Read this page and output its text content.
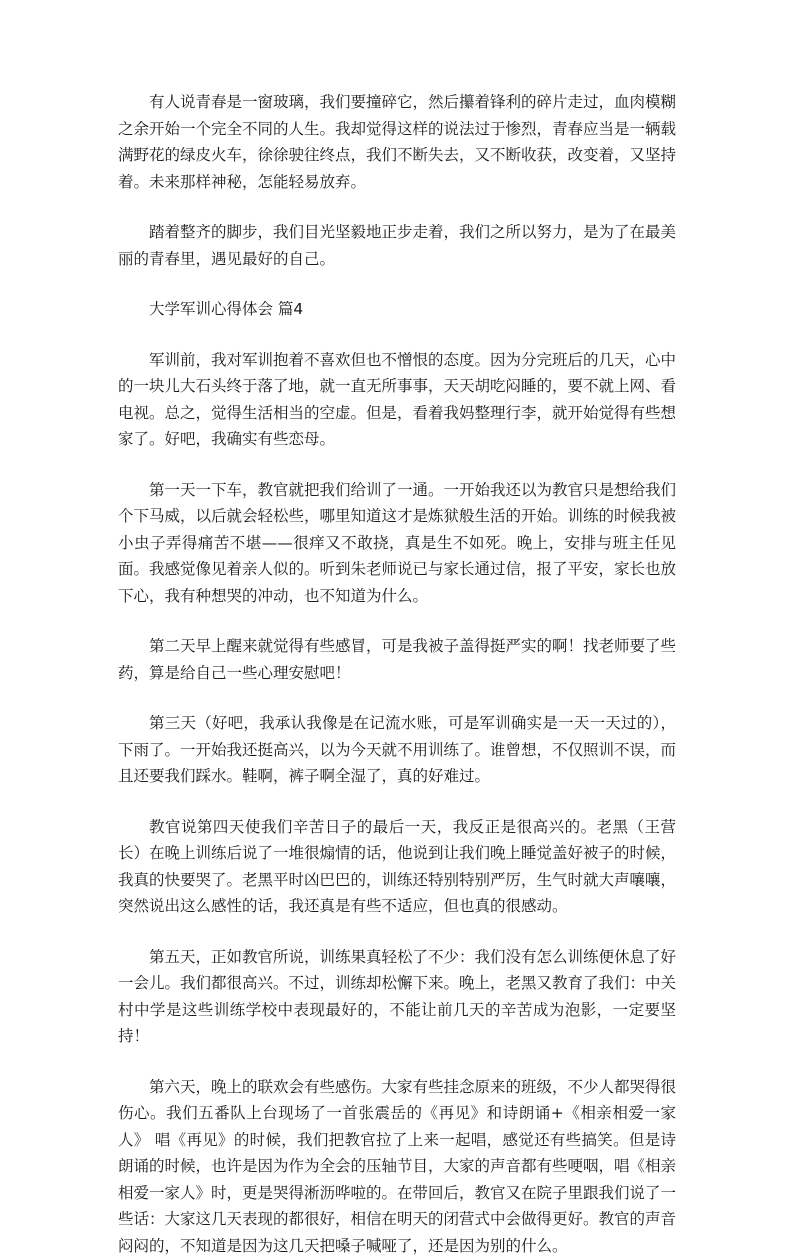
有人说青春是一窗玻璃，我们要撞碎它，然后攥着锋利的碎片走过，血肉模糊之余开始一个完全不同的人生。我却觉得这样的说法过于惨烈，青春应当是一辆载满野花的绿皮火车，徐徐驶往终点，我们不断失去，又不断收获，改变着，又坚持着。未来那样神秘，怎能轻易放弃。

踏着整齐的脚步，我们目光坚毅地正步走着，我们之所以努力，是为了在最美丽的青春里，遇见最好的自己。

大学军训心得体会 篇4

军训前，我对军训抱着不喜欢但也不憎恨的态度。因为分完班后的几天，心中的一块儿大石头终于落了地，就一直无所事事，天天胡吃闷睡的，要不就上网、看电视。总之，觉得生活相当的空虚。但是，看着我妈整理行李，就开始觉得有些想家了。好吧，我确实有些恋母。

第一天一下车，教官就把我们给训了一通。一开始我还以为教官只是想给我们个下马威，以后就会轻松些，哪里知道这才是炼狱般生活的开始。训练的时候我被小虫子弄得痛苦不堪——很痒又不敢挠，真是生不如死。晚上，安排与班主任见面。我感觉像见着亲人似的。听到朱老师说已与家长通过信，报了平安，家长也放下心，我有种想哭的冲动，也不知道为什么。

第二天早上醒来就觉得有些感冒，可是我被子盖得挺严实的啊！找老师要了些药，算是给自己一些心理安慰吧！

第三天（好吧，我承认我像是在记流水账，可是军训确实是一天一天过的），下雨了。一开始我还挺高兴，以为今天就不用训练了。谁曾想，不仅照训不误，而且还要我们踩水。鞋啊，裤子啊全湿了，真的好难过。

教官说第四天使我们辛苦日子的最后一天，我反正是很高兴的。老黑（王营长）在晚上训练后说了一堆很煽情的话，他说到让我们晚上睡觉盖好被子的时候，我真的快要哭了。老黑平时凶巴巴的，训练还特别特别严厉，生气时就大声嚷嚷，突然说出这么感性的话，我还真是有些不适应，但也真的很感动。

第五天，正如教官所说，训练果真轻松了不少：我们没有怎么训练便休息了好一会儿。我们都很高兴。不过，训练却松懈下来。晚上，老黑又教育了我们：中关村中学是这些训练学校中表现最好的，不能让前几天的辛苦成为泡影，一定要坚持！

第六天，晚上的联欢会有些感伤。大家有些挂念原来的班级，不少人都哭得很伤心。我们五番队上台现场了一首张震岳的《再见》和诗朗诵+《相亲相爱一家人》 唱《再见》的时候，我们把教官拉了上来一起唱，感觉还有些搞笑。但是诗朗诵的时候，也许是因为作为全会的压轴节目，大家的声音都有些哽咽，唱《相亲相爱一家人》时，更是哭得淅沥哗啦的。在带回后，教官又在院子里跟我们说了一些话：大家这几天表现的都很好，相信在明天的闭营式中会做得更好。教官的声音闷闷的，不知道是因为这几天把嗓子喊哑了，还是因为别的什么。
